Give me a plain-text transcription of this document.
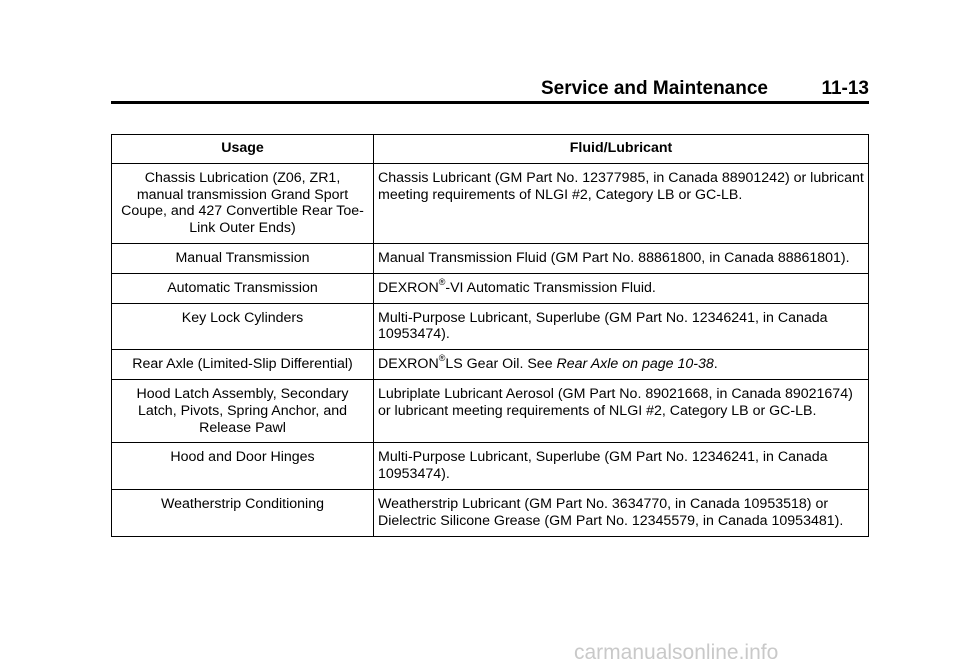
Service and Maintenance	11-13
Usage	Fluid/Lubricant
Chassis Lubrication (Z06, ZR1, manual transmission Grand Sport Coupe, and 427 Convertible Rear Toe-Link Outer Ends)	Chassis Lubricant (GM Part No. 12377985, in Canada 88901242) or lubricant meeting requirements of NLGI #2, Category LB or GC-LB.
Manual Transmission	Manual Transmission Fluid (GM Part No. 88861800, in Canada 88861801).
Automatic Transmission	DEXRON®-VI Automatic Transmission Fluid.
Key Lock Cylinders	Multi-Purpose Lubricant, Superlube (GM Part No. 12346241, in Canada 10953474).
Rear Axle (Limited-Slip Differential)	DEXRON®LS Gear Oil. See Rear Axle on page 10-38.
Hood Latch Assembly, Secondary Latch, Pivots, Spring Anchor, and Release Pawl	Lubriplate Lubricant Aerosol (GM Part No. 89021668, in Canada 89021674) or lubricant meeting requirements of NLGI #2, Category LB or GC-LB.
Hood and Door Hinges	Multi-Purpose Lubricant, Superlube (GM Part No. 12346241, in Canada 10953474).
Weatherstrip Conditioning	Weatherstrip Lubricant (GM Part No. 3634770, in Canada 10953518) or Dielectric Silicone Grease (GM Part No. 12345579, in Canada 10953481).
carmanualsonline.info
